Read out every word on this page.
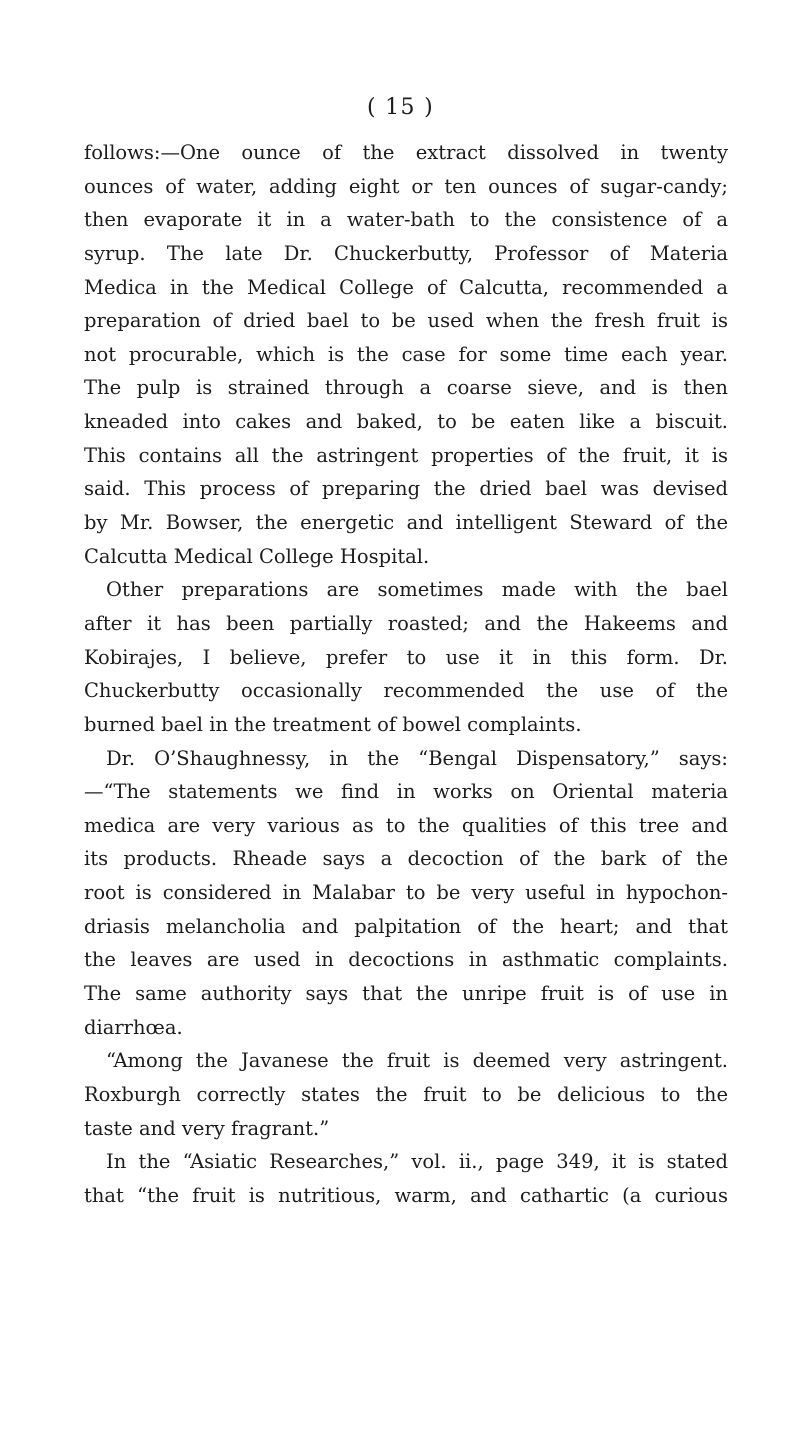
( 15 )
follows:—One ounce of the extract dissolved in twenty
ounces of water, adding eight or ten ounces of sugar-candy;
then evaporate it in a water-bath to the consistence of a
syrup. The late Dr. Chuckerbutty, Professor of Materia
Medica in the Medical College of Calcutta, recommended a
preparation of dried bael to be used when the fresh fruit is
not procurable, which is the case for some time each year.
The pulp is strained through a coarse sieve, and is then
kneaded into cakes and baked, to be eaten like a biscuit.
This contains all the astringent properties of the fruit, it is
said. This process of preparing the dried bael was devised
by Mr. Bowser, the energetic and intelligent Steward of the
Calcutta Medical College Hospital.
Other preparations are sometimes made with the bael
after it has been partially roasted; and the Hakeems and
Kobirajes, I believe, prefer to use it in this form. Dr.
Chuckerbutty occasionally recommended the use of the
burned bael in the treatment of bowel complaints.
Dr. O’Shaughnessy, in the “Bengal Dispensatory,” says:
—“The statements we find in works on Oriental materia
medica are very various as to the qualities of this tree and
its products. Rheade says a decoction of the bark of the
root is considered in Malabar to be very useful in hypochon-
driasis melancholia and palpitation of the heart; and that
the leaves are used in decoctions in asthmatic complaints.
The same authority says that the unripe fruit is of use in
diarrhœa.
“Among the Javanese the fruit is deemed very astringent.
Roxburgh correctly states the fruit to be delicious to the
taste and very fragrant.”
In the “Asiatic Researches,” vol. ii., page 349, it is stated
that “the fruit is nutritious, warm, and cathartic (a curious
